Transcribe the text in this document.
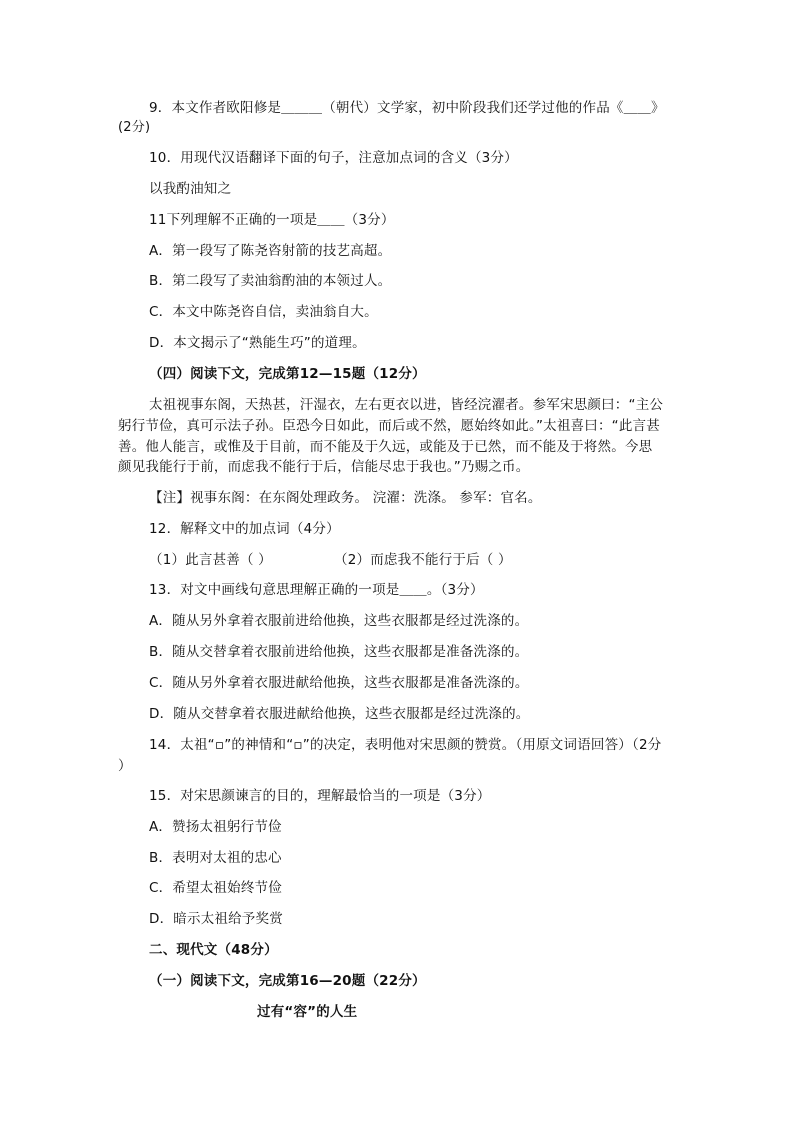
9．本文作者欧阳修是＿＿＿（朝代）文学家，初中阶段我们还学过他的作品《＿＿》
(2分)
10．用现代汉语翻译下面的句子，注意加点词的含义（3分）
以我酌油知之
11下列理解不正确的一项是＿＿（3分）
A．第一段写了陈尧咨射箭的技艺高超。
B．第二段写了卖油翁酌油的本领过人。
C．本文中陈尧咨自信，卖油翁自大。
D．本文揭示了“熟能生巧”的道理。
（四）阅读下文，完成第12—15题（12分）
太祖视事东阁，天热甚，汗湿衣，左右更衣以进，皆经浣濯者。参军宋思颜曰：“主公
躬行节俭，真可示法子孙。臣恐今日如此，而后或不然，愿始终如此。”太祖喜曰：“此言甚
善。他人能言，或惟及于目前，而不能及于久远，或能及于已然，而不能及于将然。今思
颜见我能行于前，而虑我不能行于后，信能尽忠于我也。”乃赐之币。
【注】视事东阁：在东阁处理政务。 浣濯：洗涤。 参军：官名。
12．解释文中的加点词（4分）
（1）此言甚善（ ）	（2）而虑我不能行于后（ ）
13．对文中画线句意思理解正确的一项是＿＿。（3分）
A．随从另外拿着衣服前进给他换，这些衣服都是经过洗涤的。
B．随从交替拿着衣服前进给他换，这些衣服都是准备洗涤的。
C．随从另外拿着衣服进献给他换，这些衣服都是准备洗涤的。
D．随从交替拿着衣服进献给他换，这些衣服都是经过洗涤的。
14．太祖“▫”的神情和“▫”的决定，表明他对宋思颜的赞赏。（用原文词语回答）（2分
）
15．对宋思颜谏言的目的，理解最恰当的一项是（3分）
A．赞扬太祖躬行节俭
B．表明对太祖的忠心
C．希望太祖始终节俭
D．暗示太祖给予奖赏
二、现代文（48分）
（一）阅读下文，完成第16—20题（22分）
过有“容”的人生
